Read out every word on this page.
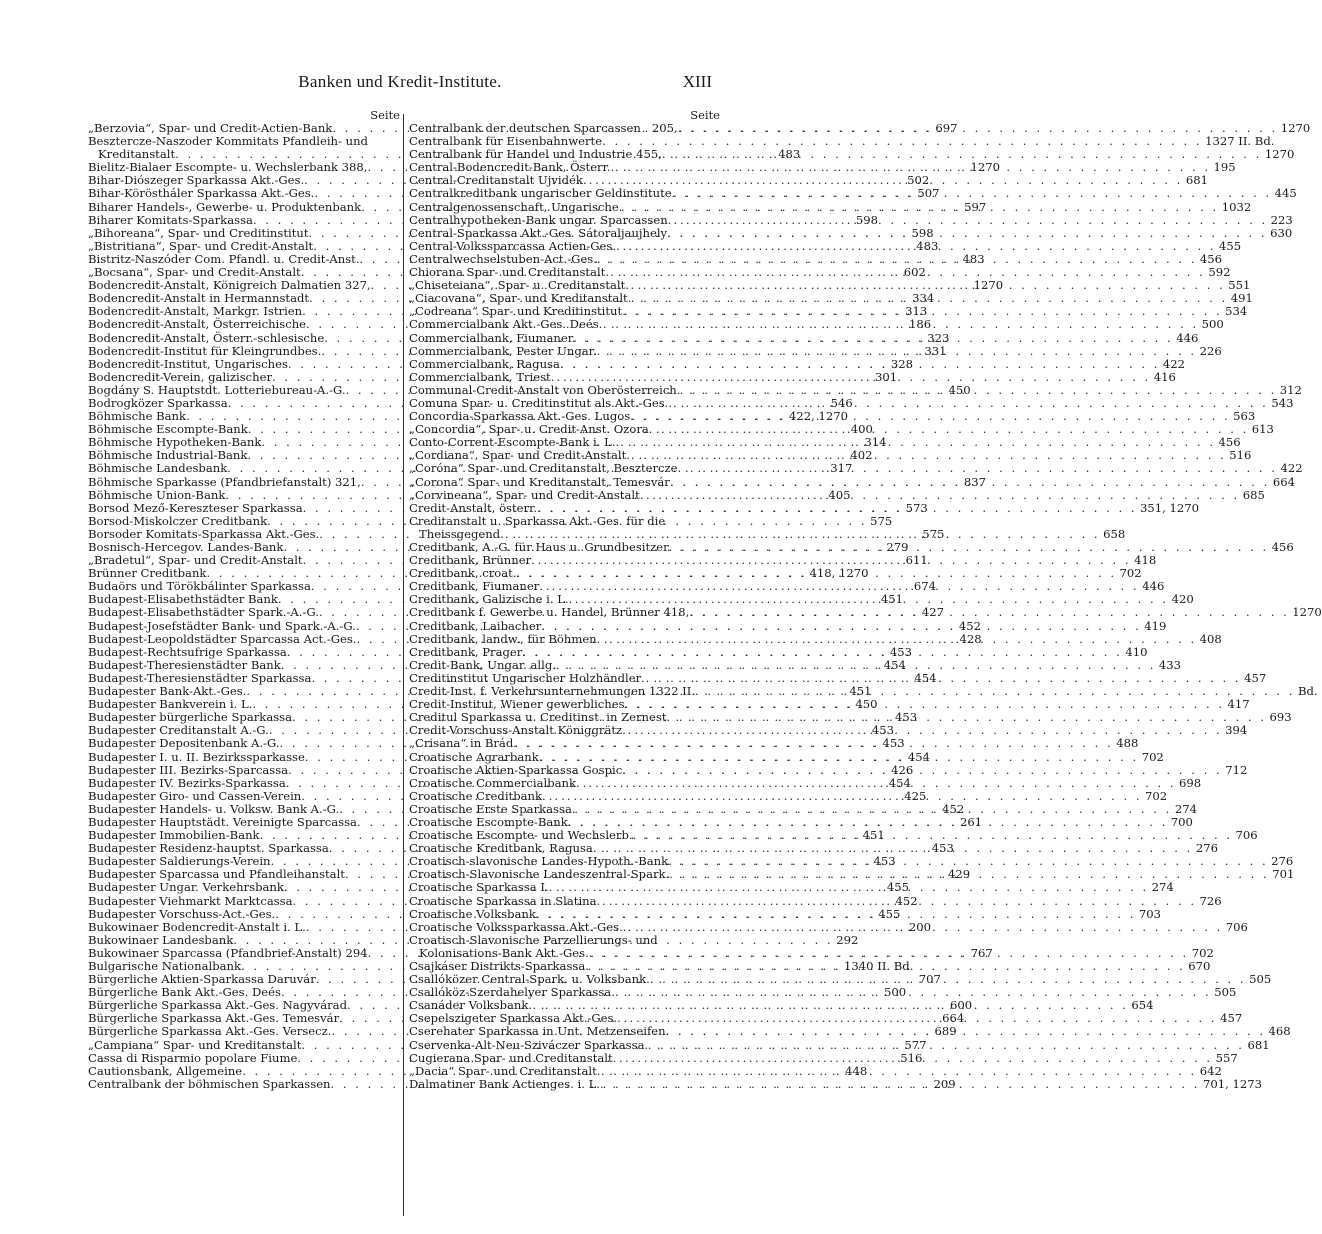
Banken und Kredit-Institute.	XIII
Seite
„Berzovia“, Spar- und Credit-Actien-Bank . . .	697
Beszterczе-Naszoder Kommitats Pfandleih- und
Kreditanstalt . . .	483
Bielitz-Bialaer Escompte- u. Wechslerbank 388, . . .	1270
Bihar-Diószeger Sparkassa Akt.-Ges. . . .	502
Bihar-Köröstháler Sparkassa Akt.-Ges. . . .	507
Biharer Handels-, Gewerbe- u. Produktenbank . . .	597
Biharer Komitats-Sparkassa . . .	598
„Bihoreana“, Spar- und Creditinstitut . . .	598
„Bistritiana“, Spar- und Credit-Anstalt . . .	483
Bistritz-Naszóder Com. Pfandl. u. Credit-Anst. . . .	483
„Bocsana“, Spar- und Credit-Anstalt . . .	602
Bodencredit-Anstalt, Königreich Dalmatien 327, . . .	1270
Bodencredit-Anstalt in Hermannstadt . . .	334
Bodencredit-Anstalt, Markgr. Istrien . . .	313
Bodencredit-Anstalt, Österreichische . . .	186
Bodencredit-Anstalt, Österr.-schlesische . . .	323
Bodencredit-Institut für Kleingrundbes. . . .	331
Bodencredit-Institut, Ungarisches . . .	328
Bodencredit-Verein, galizischer . . .	301
Bogdány S. Hauptstdt. Lotteriebureau-A.-G. . . .	450
Bodrogközer Sparkassa . . .	546
Böhmische Bank . . .	422, 1270
Böhmische Escompte-Bank . . .	400
Böhmische Hypotheken-Bank . . .	314
Böhmische Industrial-Bank . . .	402
Böhmische Landesbank . . .	317
Böhmische Sparkasse (Pfandbriefanstalt) 321, . . .	837
Böhmische Union-Bank . . .	405
Borsod Mező-Keresztesеr Sparkassa . . .	573
Borsod-Miskolczer Creditbank . . .	575
Borsoder Komitats-Sparkassa Akt.-Ges. . . .	575
Bosnisch-Hercegov. Landes-Bank . . .	279
„Bradetul“, Spar- und Credit-Anstalt . . .	611
Brünner Creditbank . . .	418, 1270
Budaörs und Törökbálinter Sparkassa . . .	674
Budapest-Elisabethstädter Bank . . .	451
Budapest-Elisabethstädter Spark.-A.-G. . . .	427
Budapest-Josefstädter Bank- und Spark.-A.-G. . . .	452
Budapest-Leopoldstädter Sparcassa Act.-Ges. . . .	428
Budapest-Rechtsufrige Sparkassa . . .	453
Budapest-Theresienstädter Bank . . .	454
Budapest-Theresienstädter Sparkassa . . .	454
Budapester Bank-Akt.-Ges. . . .	451
Budapester Bankverein i. L. . . .	450
Budapester bürgerliche Sparkassa . . .	453
Budapester Creditanstalt A.-G. . . .	453
Budapester Depositenbank A.-G. . . .	453
Budapester I. u. II. Bezirkssparkasse . . .	454
Budapester III. Bezirks-Sparcassa . . .	426
Budapester IV. Bezirks-Sparkassa . . .	454
Budapester Giro- und Cassen-Verein . . .	425
Budapester Handels- u. Volksw. Bank A.-G. . . .	452
Budapester Hauptstädt. Vereinigte Sparcassa . . .	261
Budapester Immobilien-Bank . . .	451
Budapester Residenz-hauptst. Sparkassa . . .	453
Budapester Saldierungs-Verein . . .	453
Budapester Sparcassa und Pfandleihanstalt . . .	429
Budapester Ungar. Verkehrsbank . . .	455
Budapester Viehmarkt Marktcassa . . .	452
Budapester Vorschuss-Act.-Ges. . . .	455
Bukowinaer Bodencredit-Anstalt i. L. . . .	200
Bukowinaer Landesbank . . .	292
Bukowinaer Sparcassa (Pfandbrief-Anstalt) 294 . . .	767
Bulgarische Nationalbank . . .	1340 II. Bd.
Bürgerliche Aktien-Sparkassa Daruvár . . .	707
Bürgerliche Bank Akt.-Ges. Deés . . .	500
Bürgerliche Sparkassa Akt.-Ges. Nagyvárad . . .	600
Bürgerliche Sparkassa Akt.-Ges. Temesvár . . .	664
Bürgerliche Sparkassa Akt.-Ges. Versecz. . . .	689
„Campiana“ Spar- und Kreditanstalt . . .	577
Cassa di Risparmio popolare Fiume . . .	516
Cautionsbank, Allgemeine . . .	448
Centralbank der böhmischen Sparkassen . . .	209
Seite
Centralbank der deutschen Sparcassen . 205, . . .	1270
Centralbank für Eisenbahnwerte . . .	1327 II. Bd.
Centralbank für Handel und Industrie 455, . . .	1270
Central-Bodencredit-Bank, Österr. . . .	195
Central-Creditanstalt Ujvidék . . .	681
Centralkreditbank ungarischer Geldinstitute . . .	445
Centralgenossenschaft, Ungarische . . .	1032
Centralhypotheken-Bank ungar. Sparcassen . . .	223
Central-Sparkassa Akt.-Ges. Sátoraljaujhely . . .	630
Central-Volkssparcassa Actien-Ges. . . .	455
Centralwechselstuben-Act.-Ges. . . .	456
Chiorana Spar- und Creditanstalt . . .	592
„Chiseteiana“, Spar- u. Creditanstalt . . .	551
„Ciacovana“, Spar- und Kreditanstalt . . .	491
„Codreana“ Spar- und Kreditinstitut . . .	534
Commercialbank Akt.-Ges. Deés . . .	500
Commercialbank, Fiumaner . . .	446
Commercialbank, Pester Ungar. . . .	226
Commercialbank, Ragusa . . .	422
Commercialbank, Triest . . .	416
Communal-Credit-Anstalt von Oberösterreich . . .	312
Comuna Spar- u. Creditinstitut als Akt.-Ges. . . .	543
Concordia-Sparkassa Akt.-Ges. Lugos . . .	563
„Concordia“, Spar- u. Credit-Anst. Ozora . . .	613
Conto-Corrent-Escompte-Bank i. L. . . .	456
„Cordiana“, Spar- und Credit-Anstalt . . .	516
„Coróna“ Spar- und Creditanstalt, Beszterczе . . .	422
„Corona“ Spar- und Kreditanstalt, Temesvár . . .	664
„Corvineana“, Spar- und Credit-Anstalt . . .	685
Credit-Anstalt, österr. . . .	351, 1270
Creditanstalt u. Sparkassa Akt.-Ges. für die
Theissgegend . . .	658
Creditbank, A.-G. für Haus u. Grundbesitzer . . .	456
Creditbank, Brünner . . .	418
Creditbank, croat. . . .	702
Creditbank, Fiumaner . . .	446
Creditbank, Galizische i. L. . . .	420
Creditbank f. Gewerbe u. Handel, Brünner 418, . . .	1270
Creditbank, Laibacher . . .	419
Creditbank, landw., für Böhmen . . .	408
Creditbank, Prager . . .	410
Credit-Bank, Ungar. allg. . . .	433
Creditinstitut Ungarischer Holzhändler . . .	457
Credit-Inst. f. Verkehrsunternehmungen 1322 II. . . .	Bd.
Credit-Institut, Wiener gewerbliches . . .	417
Creditul Sparkassa u. Creditinst. in Zernest . . .	693
Credit-Vorschuss-Anstalt Königgrätz . . .	394
„Crisana“ in Brád . . .	488
Croatische Agrarbank . . .	702
Croatische Aktien-Sparkassa Gospic . . .	712
Croatische Commercialbank . . .	698
Croatische Creditbank . . .	702
Croatische Erste Sparkassa . . .	274
Croatische Escompte-Bank . . .	700
Croatische Escompte- und Wechslerb. . . .	706
Croatische Kreditbank, Ragusa . . .	276
Croatisch-slavonische Landes-Hypoth.-Bank . . .	276
Croatisch-Slavonische Landeszentral-Spark. . . .	701
Croatische Sparkassa I. . . .	274
Croatische Sparkassa in Slatina . . .	726
Croatische Volksbank . . .	703
Croatische Volkssparkassa Akt.-Ges. . . .	706
Croatisch-Slavonische Parzellierungs- und
Kolonisations-Bank Akt.-Ges. . . .	702
Csajkáser Distrikts-Sparkassa . . .	670
Csallóközer Central-Spark. u. Volksbank . . .	505
Csallóköz-Szerdahelyer Sparkassa . . .	505
Csanáder Volksbank . . .	654
Csepelszigeter Sparkassa Akt.-Ges. . . .	457
Cserehater Sparkassa in Unt. Metzenseifen . . .	468
Cservenka-Alt-Neu-Sziváczer Sparkassa . . .	681
Cugierana Spar- und Creditanstalt . . .	557
„Dacia“ Spar- und Creditanstalt . . .	642
Dalmatiner Bank Actienges. i. L. . . .	701, 1273
